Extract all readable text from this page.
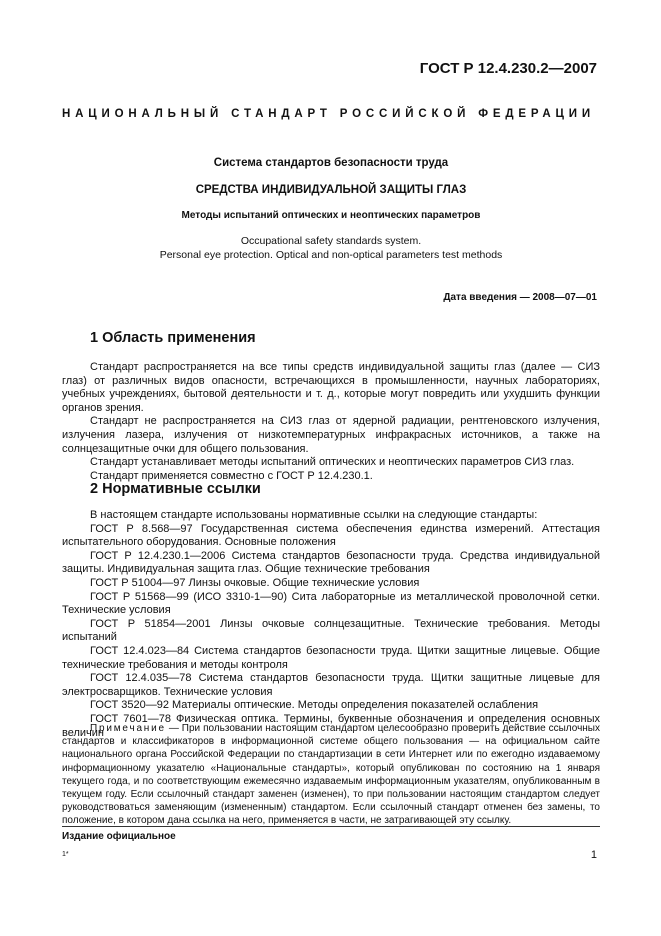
ГОСТ Р 12.4.230.2—2007
НАЦИОНАЛЬНЫЙ СТАНДАРТ РОССИЙСКОЙ ФЕДЕРАЦИИ
Система стандартов безопасности труда
СРЕДСТВА ИНДИВИДУАЛЬНОЙ ЗАЩИТЫ ГЛАЗ
Методы испытаний оптических и неоптических параметров
Occupational safety standards system.
Personal eye protection. Optical and non-optical parameters test methods
Дата введения — 2008—07—01
1 Область применения

Стандарт распространяется на все типы средств индивидуальной защиты глаз (далее — СИЗ глаз) от различных видов опасности, встречающихся в промышленности, научных лабораториях, учебных учреждениях, бытовой деятельности и т. д., которые могут повредить или ухудшить функции органов зрения.

Стандарт не распространяется на СИЗ глаз от ядерной радиации, рентгеновского излучения, излучения лазера, излучения от низкотемпературных инфракрасных источников, а также на солнцезащитные очки для общего пользования.

Стандарт устанавливает методы испытаний оптических и неоптических параметров СИЗ глаз.

Стандарт применяется совместно с ГОСТ Р 12.4.230.1.

2 Нормативные ссылки

В настоящем стандарте использованы нормативные ссылки на следующие стандарты:

ГОСТ Р 8.568—97 Государственная система обеспечения единства измерений. Аттестация испытательного оборудования. Основные положения

ГОСТ Р 12.4.230.1—2006 Система стандартов безопасности труда. Средства индивидуальной защиты. Индивидуальная защита глаз. Общие технические требования

ГОСТ Р 51004—97 Линзы очковые. Общие технические условия

ГОСТ Р 51568—99 (ИСО 3310-1—90) Сита лабораторные из металлической проволочной сетки. Технические условия

ГОСТ Р 51854—2001 Линзы очковые солнцезащитные. Технические требования. Методы испытаний

ГОСТ 12.4.023—84 Система стандартов безопасности труда. Щитки защитные лицевые. Общие технические требования и методы контроля

ГОСТ 12.4.035—78 Система стандартов безопасности труда. Щитки защитные лицевые для электросварщиков. Технические условия

ГОСТ 3520—92 Материалы оптические. Методы определения показателей ослабления

ГОСТ 7601—78 Физическая оптика. Термины, буквенные обозначения и определения основных величин

Примечание — При пользовании настоящим стандартом целесообразно проверить действие ссылочных стандартов и классификаторов в информационной системе общего пользования — на официальном сайте национального органа Российской Федерации по стандартизации в сети Интернет или по ежегодно издаваемому информационному указателю «Национальные стандарты», который опубликован по состоянию на 1 января текущего года, и по соответствующим ежемесячно издаваемым информационным указателям, опубликованным в текущем году. Если ссылочный стандарт заменен (изменен), то при пользовании настоящим стандартом следует руководствоваться заменяющим (измененным) стандартом. Если ссылочный стандарт отменен без замены, то положение, в котором дана ссылка на него, применяется в части, не затрагивающей эту ссылку.

Издание официальное
1*	1
